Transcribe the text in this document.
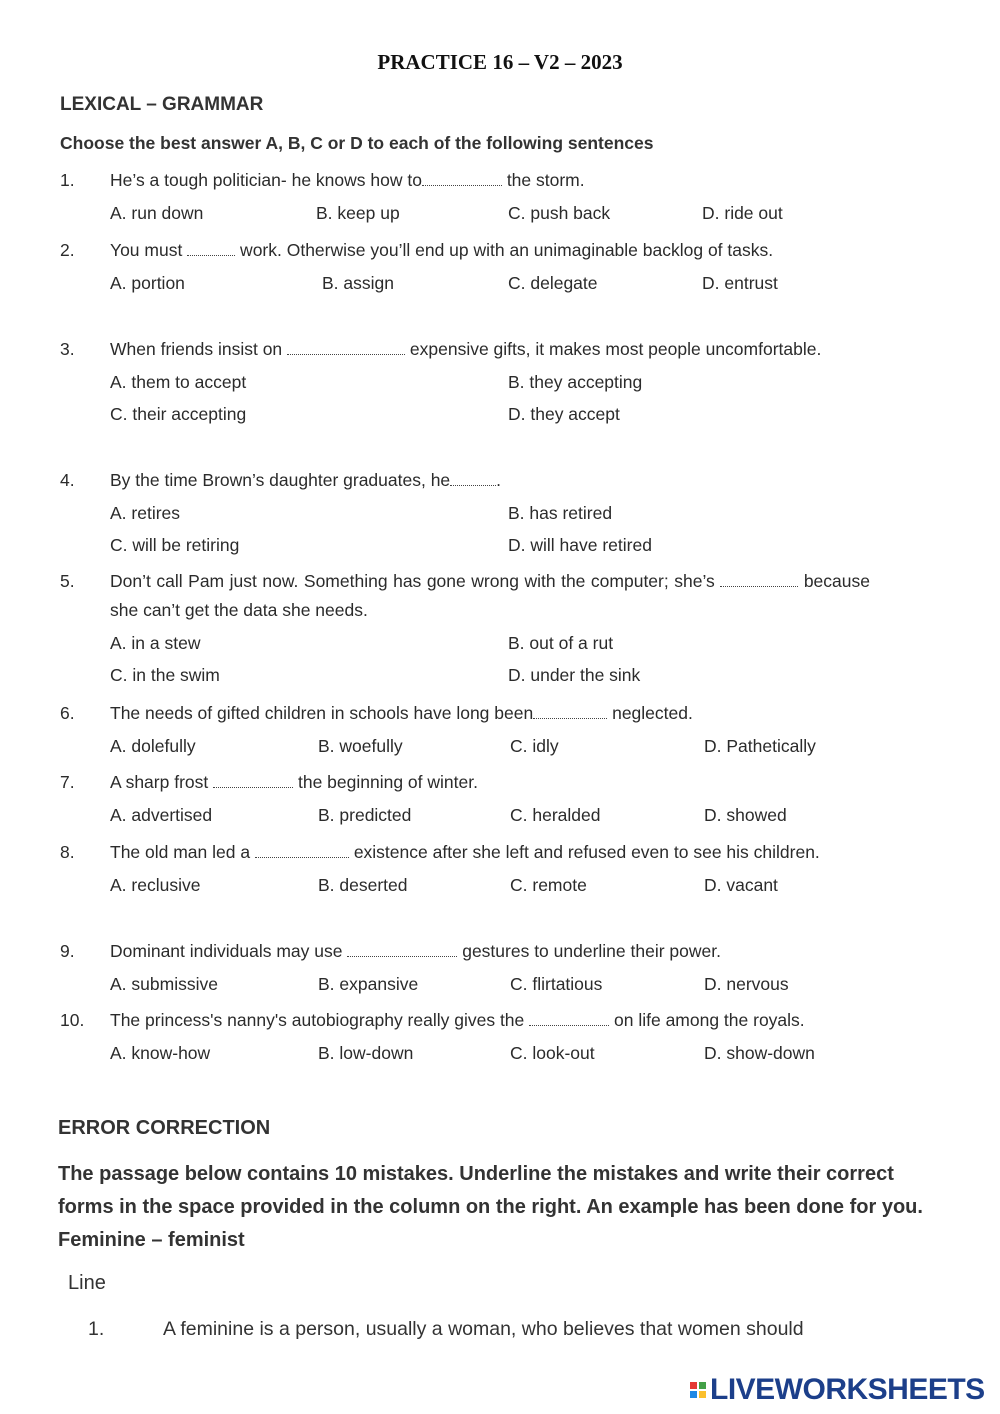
PRACTICE 16 – V2 – 2023
LEXICAL – GRAMMAR
Choose the best answer A, B, C or D to each of the following sentences
1. He’s a tough politician- he knows how to	the storm.
A. run down	B. keep up	C. push back	D. ride out
2. You must	work. Otherwise you’ll end up with an unimaginable backlog of tasks.
A. portion	B. assign	C. delegate	D. entrust
3. When friends insist on	expensive gifts, it makes most people uncomfortable.
A. them to accept	B. they accepting
C. their accepting	D. they accept
4. By the time Brown’s daughter graduates, he	.
A. retires	B. has retired
C. will be retiring	D. will have retired
5. Don’t call Pam just now. Something has gone wrong with the computer; she’s	because she can’t get the data she needs.
A. in a stew	B. out of a rut
C. in the swim	D. under the sink
6. The needs of gifted children in schools have long been	neglected.
A. dolefully	B. woefully	C. idly	D. Pathetically
7. A sharp frost	the beginning of winter.
A. advertised	B. predicted	C. heralded	D. showed
8. The old man led a	existence after she left and refused even to see his children.
A. reclusive	B. deserted	C. remote	D. vacant
9. Dominant individuals may use	gestures to underline their power.
A. submissive	B. expansive	C. flirtatious	D. nervous
10. The princess's nanny's autobiography really gives the	on life among the royals.
A. know-how	B. low-down	C. look-out	D. show-down
ERROR CORRECTION
The passage below contains 10 mistakes. Underline the mistakes and write their correct forms in the space provided in the column on the right. An example has been done for you. Feminine – feminist
Line
1.	A feminine is a person, usually a woman, who believes that women should
LIVEWORKSHEETS
